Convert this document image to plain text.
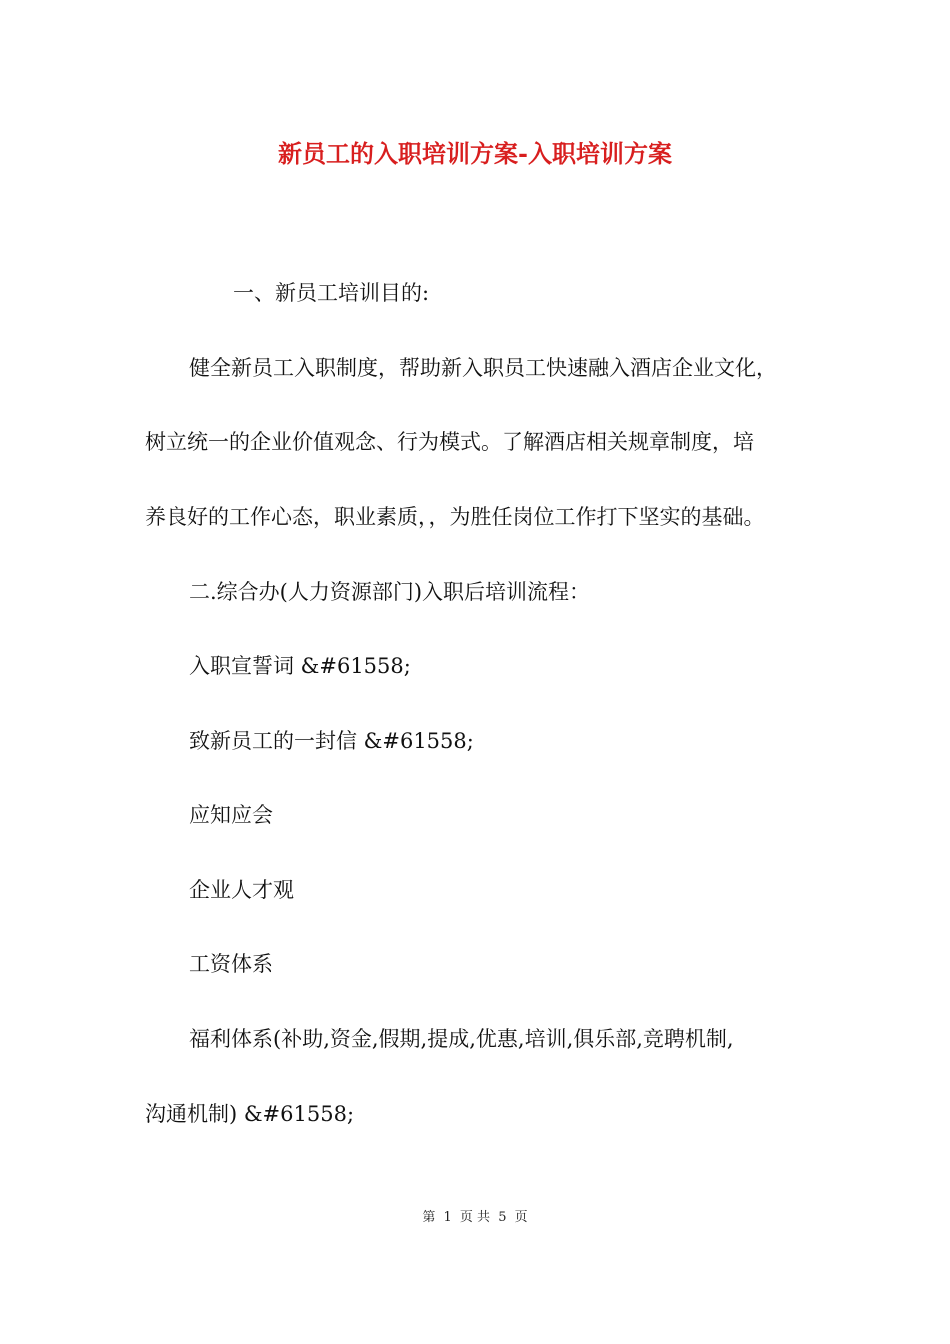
新员工的入职培训方案-入职培训方案
一、新员工培训目的:
健全新员工入职制度，帮助新入职员工快速融入酒店企业文化，
树立统一的企业价值观念、行为模式。了解酒店相关规章制度，培
养良好的工作心态，职业素质，，为胜任岗位工作打下坚实的基础。
二.综合办(人力资源部门)入职后培训流程：
入职宣誓词 &#61558;
致新员工的一封信 &#61558;
应知应会
企业人才观
工资体系
福利体系(补助,资金,假期,提成,优惠,培训,俱乐部,竞聘机制,
沟通机制) &#61558;
第 1 页 共 5 页
